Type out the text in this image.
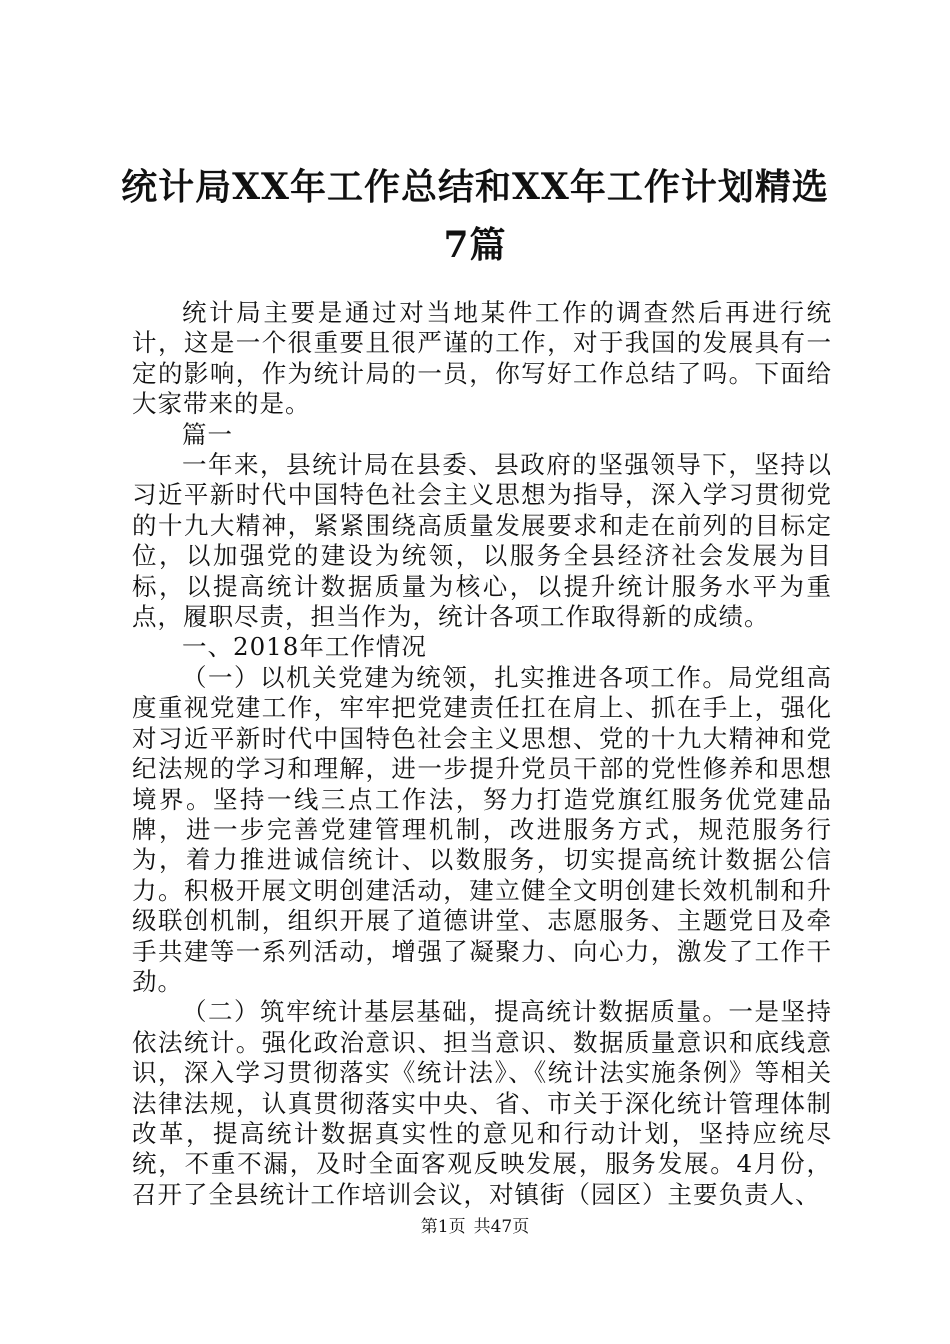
统计局XX年工作总结和XX年工作计划精选7篇

统计局主要是通过对当地某件工作的调查然后再进行统计，这是一个很重要且很严谨的工作，对于我国的发展具有一定的影响，作为统计局的一员，你写好工作总结了吗。下面给大家带来的是。

篇一

一年来，县统计局在县委、县政府的坚强领导下，坚持以习近平新时代中国特色社会主义思想为指导，深入学习贯彻党的十九大精神，紧紧围绕高质量发展要求和走在前列的目标定位，以加强党的建设为统领，以服务全县经济社会发展为目标，以提高统计数据质量为核心，以提升统计服务水平为重点，履职尽责，担当作为，统计各项工作取得新的成绩。

一、2018年工作情况

（一）以机关党建为统领，扎实推进各项工作。局党组高度重视党建工作，牢牢把党建责任扛在肩上、抓在手上，强化对习近平新时代中国特色社会主义思想、党的十九大精神和党纪法规的学习和理解，进一步提升党员干部的党性修养和思想境界。坚持一线三点工作法，努力打造党旗红服务优党建品牌，进一步完善党建管理机制，改进服务方式，规范服务行为，着力推进诚信统计、以数服务，切实提高统计数据公信力。积极开展文明创建活动，建立健全文明创建长效机制和升级联创机制，组织开展了道德讲堂、志愿服务、主题党日及牵手共建等一系列活动，增强了凝聚力、向心力，激发了工作干劲。

（二）筑牢统计基层基础，提高统计数据质量。一是坚持依法统计。强化政治意识、担当意识、数据质量意识和底线意识，深入学习贯彻落实《统计法》、《统计法实施条例》等相关法律法规，认真贯彻落实中央、省、市关于深化统计管理体制改革，提高统计数据真实性的意见和行动计划，坚持应统尽统，不重不漏，及时全面客观反映发展，服务发展。4月份，召开了全县统计工作培训会议，对镇街（园区）主要负责人、

第1页 共47页
